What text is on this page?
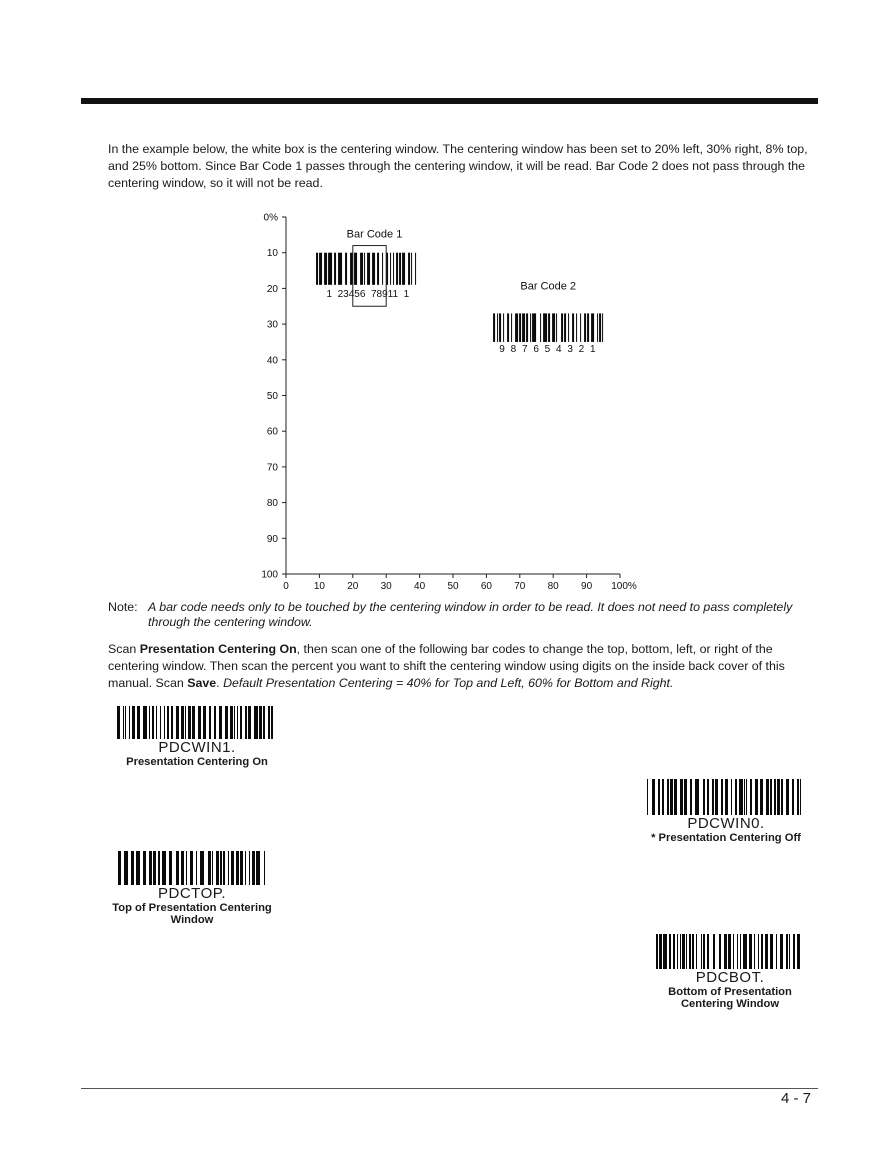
In the example below, the white box is the centering window. The centering window has been set to 20% left, 30% right, 8% top, and 25% bottom. Since Bar Code 1 passes through the centering window, it will be read. Bar Code 2 does not pass through the centering window, so it will not be read.

0%
10
20
30
40
50
60
70
80
90
100
0	10 20 30 40 50 60 70 80 90 100%
Bar Code 1
Bar Code 2
1  23456  78911  1
9 8 7 6 5 4 3 2 1
Note: A bar code needs only to be touched by the centering window in order to be read. It does not need to pass completely through the centering window.

Scan Presentation Centering On, then scan one of the following bar codes to change the top, bottom, left, or right of the centering window. Then scan the percent you want to shift the centering window using digits on the inside back cover of this manual. Scan Save. Default Presentation Centering = 40% for Top and Left, 60% for Bottom and Right.

PDCWIN1.
Presentation Centering On
PDCWIN0.
* Presentation Centering Off
PDCTOP.
Top of Presentation Centering
Window
PDCBOT.
Bottom of Presentation
Centering Window
4 - 7
